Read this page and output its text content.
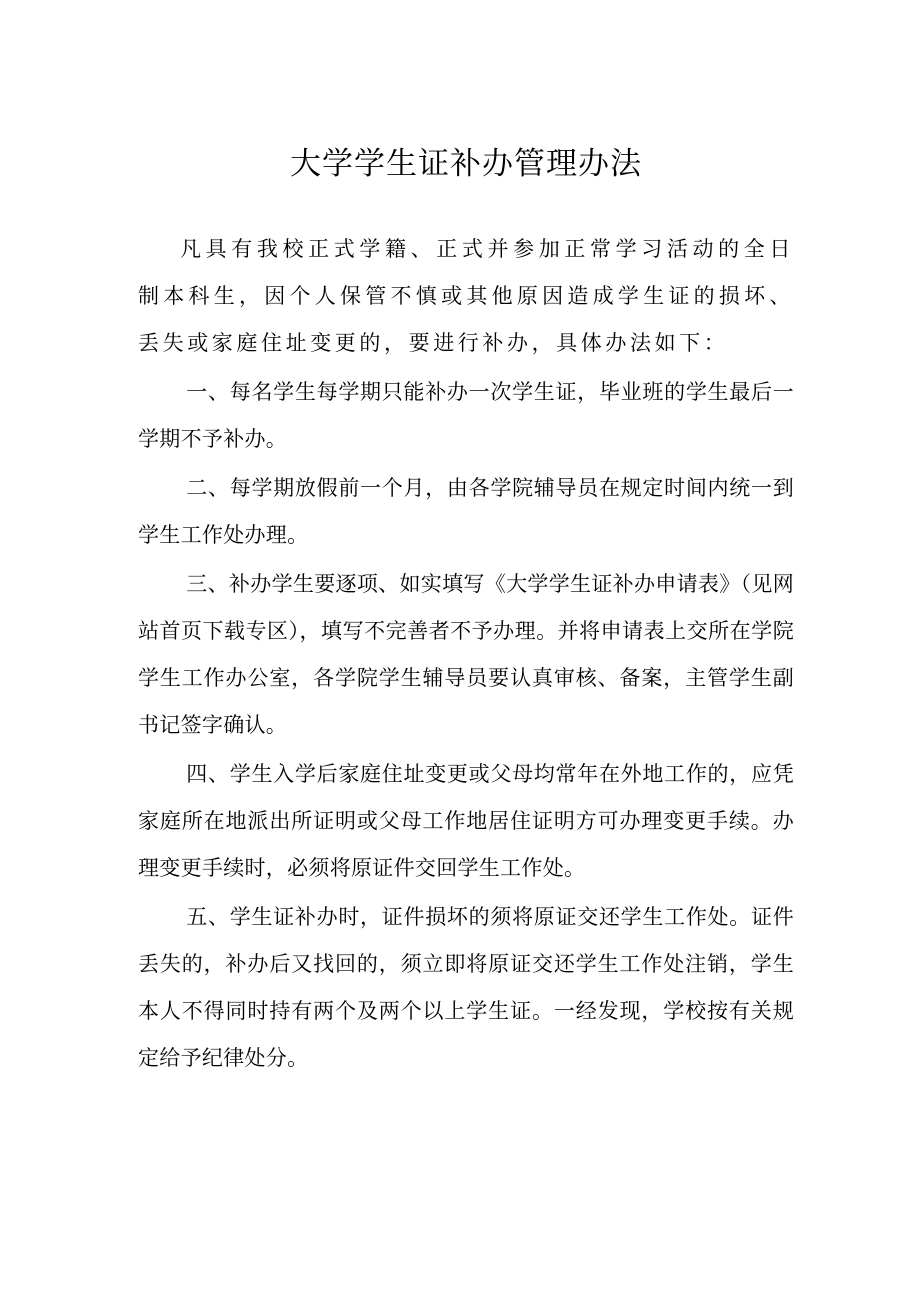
大学学生证补办管理办法

凡具有我校正式学籍、正式并参加正常学习活动的全日制本科生，因个人保管不慎或其他原因造成学生证的损坏、丢失或家庭住址变更的，要进行补办，具体办法如下：

一、每名学生每学期只能补办一次学生证，毕业班的学生最后一学期不予补办。

二、每学期放假前一个月，由各学院辅导员在规定时间内统一到学生工作处办理。

三、补办学生要逐项、如实填写《大学学生证补办申请表》（见网站首页下载专区），填写不完善者不予办理。并将申请表上交所在学院学生工作办公室，各学院学生辅导员要认真审核、备案，主管学生副书记签字确认。

四、学生入学后家庭住址变更或父母均常年在外地工作的，应凭家庭所在地派出所证明或父母工作地居住证明方可办理变更手续。办理变更手续时，必须将原证件交回学生工作处。

五、学生证补办时，证件损坏的须将原证交还学生工作处。证件丢失的，补办后又找回的，须立即将原证交还学生工作处注销，学生本人不得同时持有两个及两个以上学生证。一经发现，学校按有关规定给予纪律处分。
